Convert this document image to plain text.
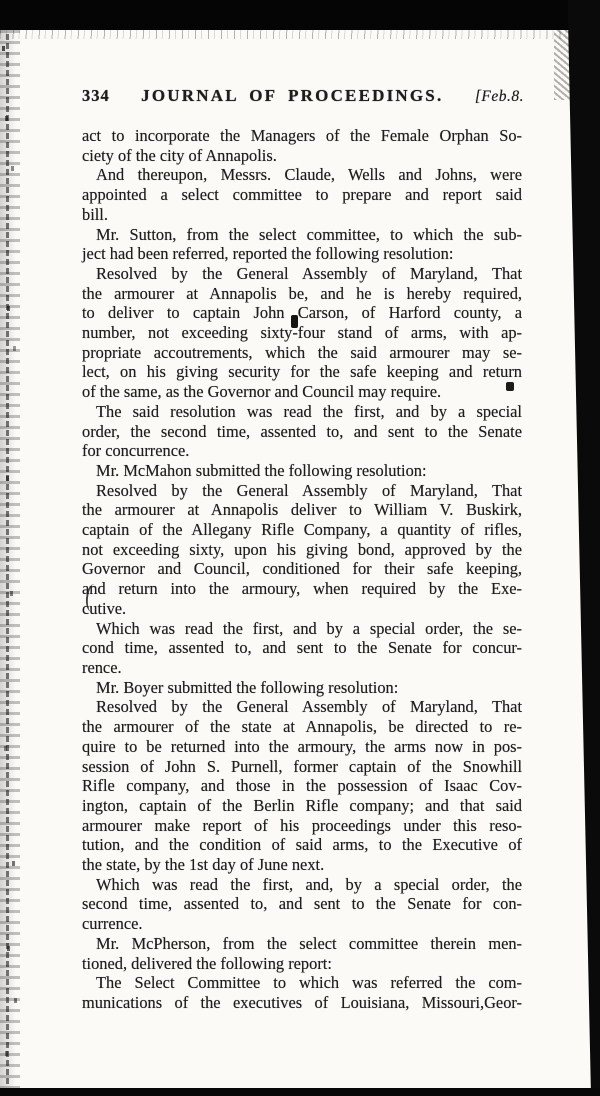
334	JOURNAL OF PROCEEDINGS.	[Feb.8.
act to incorporate the Managers of the Female Orphan So-
ciety of the city of Annapolis.
And thereupon, Messrs. Claude, Wells and Johns, were
appointed a select committee to prepare and report said
bill.
Mr. Sutton, from the select committee, to which the sub-
ject had been referred, reported the following resolution:
Resolved by the General Assembly of Maryland, That
the armourer at Annapolis be, and he is hereby required,
to deliver to captain John Carson, of Harford county, a
number, not exceeding sixty-four stand of arms, with ap-
propriate accoutrements, which the said armourer may se-
lect, on his giving security for the safe keeping and return
of the same, as the Governor and Council may require.
The said resolution was read the first, and by a special
order, the second time, assented to, and sent to the Senate
for concurrence.
Mr. McMahon submitted the following resolution:
Resolved by the General Assembly of Maryland, That
the armourer at Annapolis deliver to William V. Buskirk,
captain of the Allegany Rifle Company, a quantity of rifles,
not exceeding sixty, upon his giving bond, approved by the
Governor and Council, conditioned for their safe keeping,
and return into the armoury, when required by the Exe-
cutive.
Which was read the first, and by a special order, the se-
cond time, assented to, and sent to the Senate for concur-
rence.
Mr. Boyer submitted the following resolution:
Resolved by the General Assembly of Maryland, That
the armourer of the state at Annapolis, be directed to re-
quire to be returned into the armoury, the arms now in pos-
session of John S. Purnell, former captain of the Snowhill
Rifle company, and those in the possession of Isaac Cov-
ington, captain of the Berlin Rifle company; and that said
armourer make report of his proceedings under this reso-
tution, and the condition of said arms, to the Executive of
the state, by the 1st day of June next.
Which was read the first, and, by a special order, the
second time, assented to, and sent to the Senate for con-
currence.
Mr. McPherson, from the select committee therein men-
tioned, delivered the following report:
The Select Committee to which was referred the com-
munications of the executives of Louisiana, Missouri,Geor-
